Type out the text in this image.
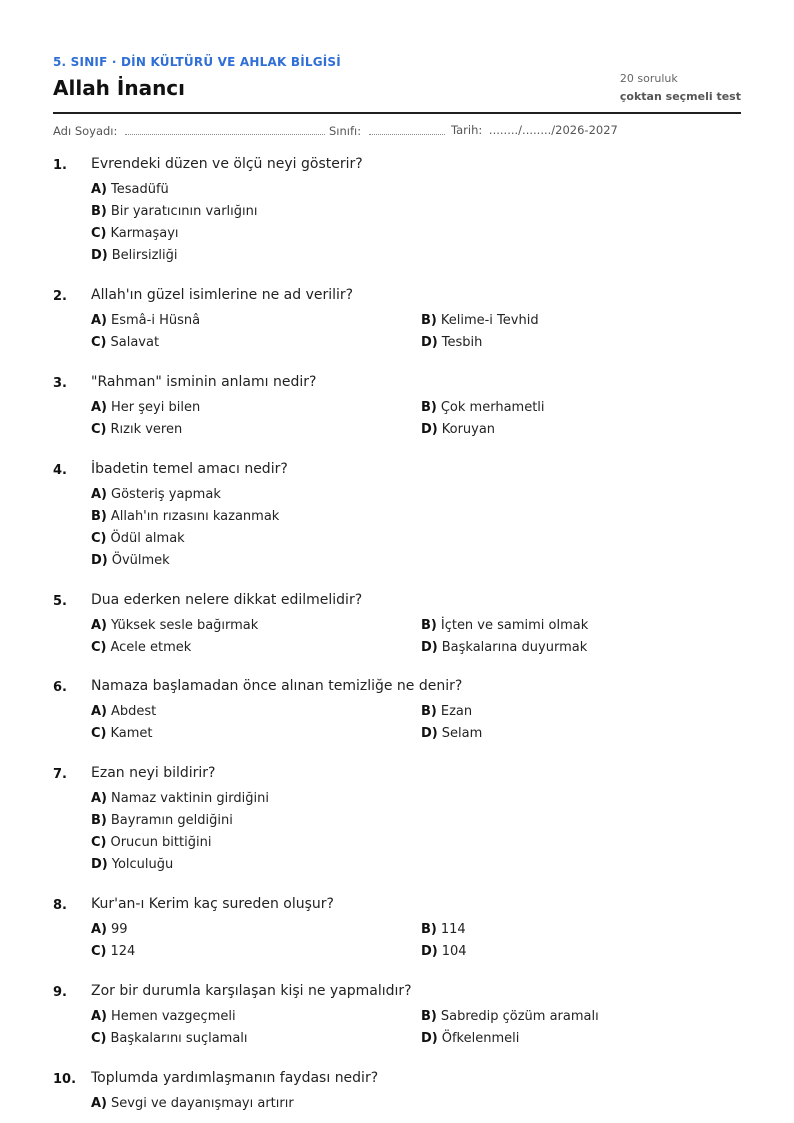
5. SINIF · DİN KÜLTÜRÜ VE AHLAK BİLGİSİ
Allah İnancı	20 soruluk
çoktan seçmeli test
Adı Soyadı:	Sınıfı:	Tarih: ......../......../2026-2027
1. Evrendeki düzen ve ölçü neyi gösterir?
A) Tesadüfü
B) Bir yaratıcının varlığını
C) Karmaşayı
D) Belirsizliği
2. Allah'ın güzel isimlerine ne ad verilir?
A) Esmâ-i Hüsnâ	B) Kelime-i Tevhid
C) Salavat	D) Tesbih
3. "Rahman" isminin anlamı nedir?
A) Her şeyi bilen	B) Çok merhametli
C) Rızık veren	D) Koruyan
4. İbadetin temel amacı nedir?
A) Gösteriş yapmak
B) Allah'ın rızasını kazanmak
C) Ödül almak
D) Övülmek
5. Dua ederken nelere dikkat edilmelidir?
A) Yüksek sesle bağırmak	B) İçten ve samimi olmak
C) Acele etmek	D) Başkalarına duyurmak
6. Namaza başlamadan önce alınan temizliğe ne denir?
A) Abdest	B) Ezan
C) Kamet	D) Selam
7. Ezan neyi bildirir?
A) Namaz vaktinin girdiğini
B) Bayramın geldiğini
C) Orucun bittiğini
D) Yolculuğu
8. Kur'an-ı Kerim kaç sureden oluşur?
A) 99	B) 114
C) 124	D) 104
9. Zor bir durumla karşılaşan kişi ne yapmalıdır?
A) Hemen vazgeçmeli	B) Sabredip çözüm aramalı
C) Başkalarını suçlamalı	D) Öfkelenmeli
10. Toplumda yardımlaşmanın faydası nedir?
A) Sevgi ve dayanışmayı artırır
